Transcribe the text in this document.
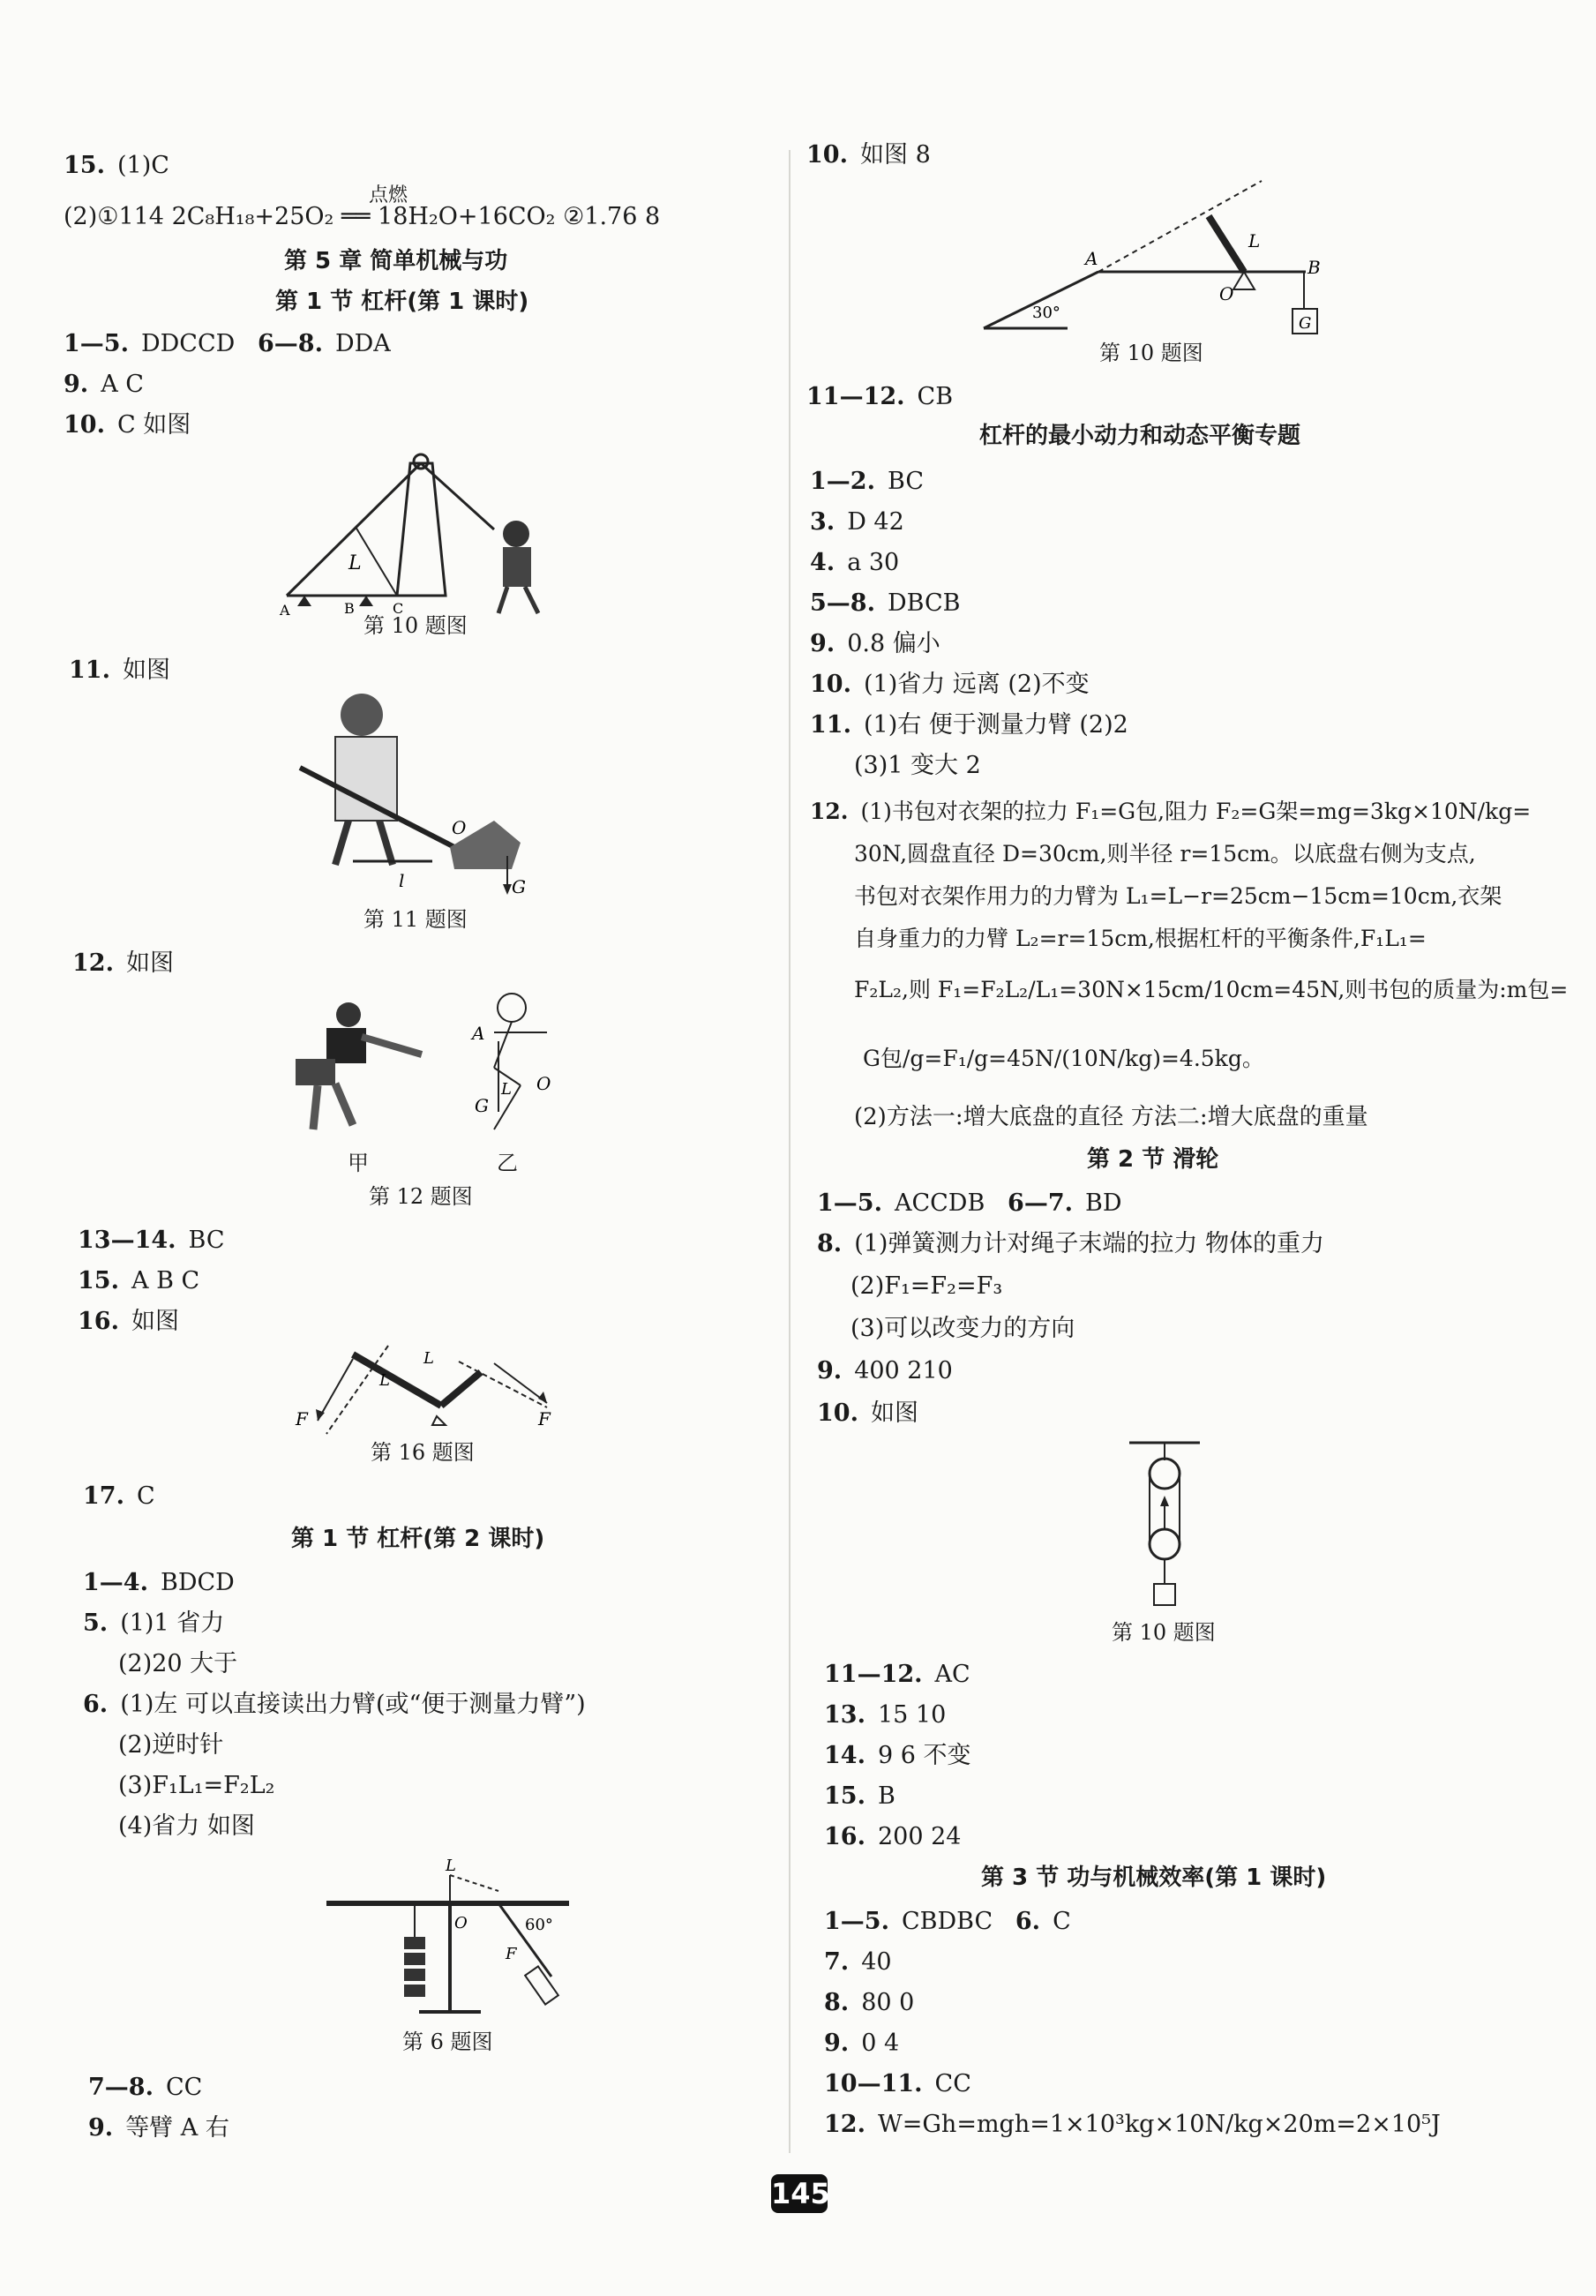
15. (1)C
(2)①114 2C₈H₁₈+25O₂ ══ 18H₂O+16CO₂ ②1.76 8
点燃
第 5 章 简单机械与功
第 1 节 杠杆(第 1 课时)
1—5. DDCCD 6—8. DDA
9. A C
10. C 如图
L
A	B	C
第 10 题图
11. 如图
O
l	G
第 11 题图
12. 如图
A
O
G
L
甲	乙
第 12 题图
13—14. BC
15. A B C
16. 如图
F
L
L
F
第 16 题图
17. C
第 1 节 杠杆(第 2 课时)
1—4. BDCD
5. (1)1 省力
(2)20 大于
6. (1)左 可以直接读出力臂(或“便于测量力臂”)
(2)逆时针
(3)F₁L₁=F₂L₂
(4)省力 如图
L
O	60°
F
第 6 题图
7—8. CC
9. 等臂 A 右
10. 如图 8
A	B
O
L
30°
G
第 10 题图
11—12. CB
杠杆的最小动力和动态平衡专题
1—2. BC
3. D 42
4. a 30
5—8. DBCB
9. 0.8 偏小
10. (1)省力 远离 (2)不变
11. (1)右 便于测量力臂 (2)2
(3)1 变大 2
12. (1)书包对衣架的拉力 F₁=G包,阻力 F₂=G架=mg=3kg×10N/kg=
30N,圆盘直径 D=30cm,则半径 r=15cm。以底盘右侧为支点,
书包对衣架作用力的力臂为 L₁=L−r=25cm−15cm=10cm,衣架
自身重力的力臂 L₂=r=15cm,根据杠杆的平衡条件,F₁L₁=
F₂L₂,则 F₁=F₂L₂/L₁=30N×15cm/10cm=45N,则书包的质量为:m包=
G包/g=F₁/g=45N/(10N/kg)=4.5kg。
(2)方法一:增大底盘的直径 方法二:增大底盘的重量
第 2 节 滑轮
1—5. ACCDB 6—7. BD
8. (1)弹簧测力计对绳子末端的拉力 物体的重力
(2)F₁=F₂=F₃
(3)可以改变力的方向
9. 400 210
10. 如图
第 10 题图
11—12. AC
13. 15 10
14. 9 6 不变
15. B
16. 200 24
第 3 节 功与机械效率(第 1 课时)
1—5. CBDBC 6. C
7. 40
8. 80 0
9. 0 4
10—11. CC
12. W=Gh=mgh=1×10³kg×10N/kg×20m=2×10⁵J
145
